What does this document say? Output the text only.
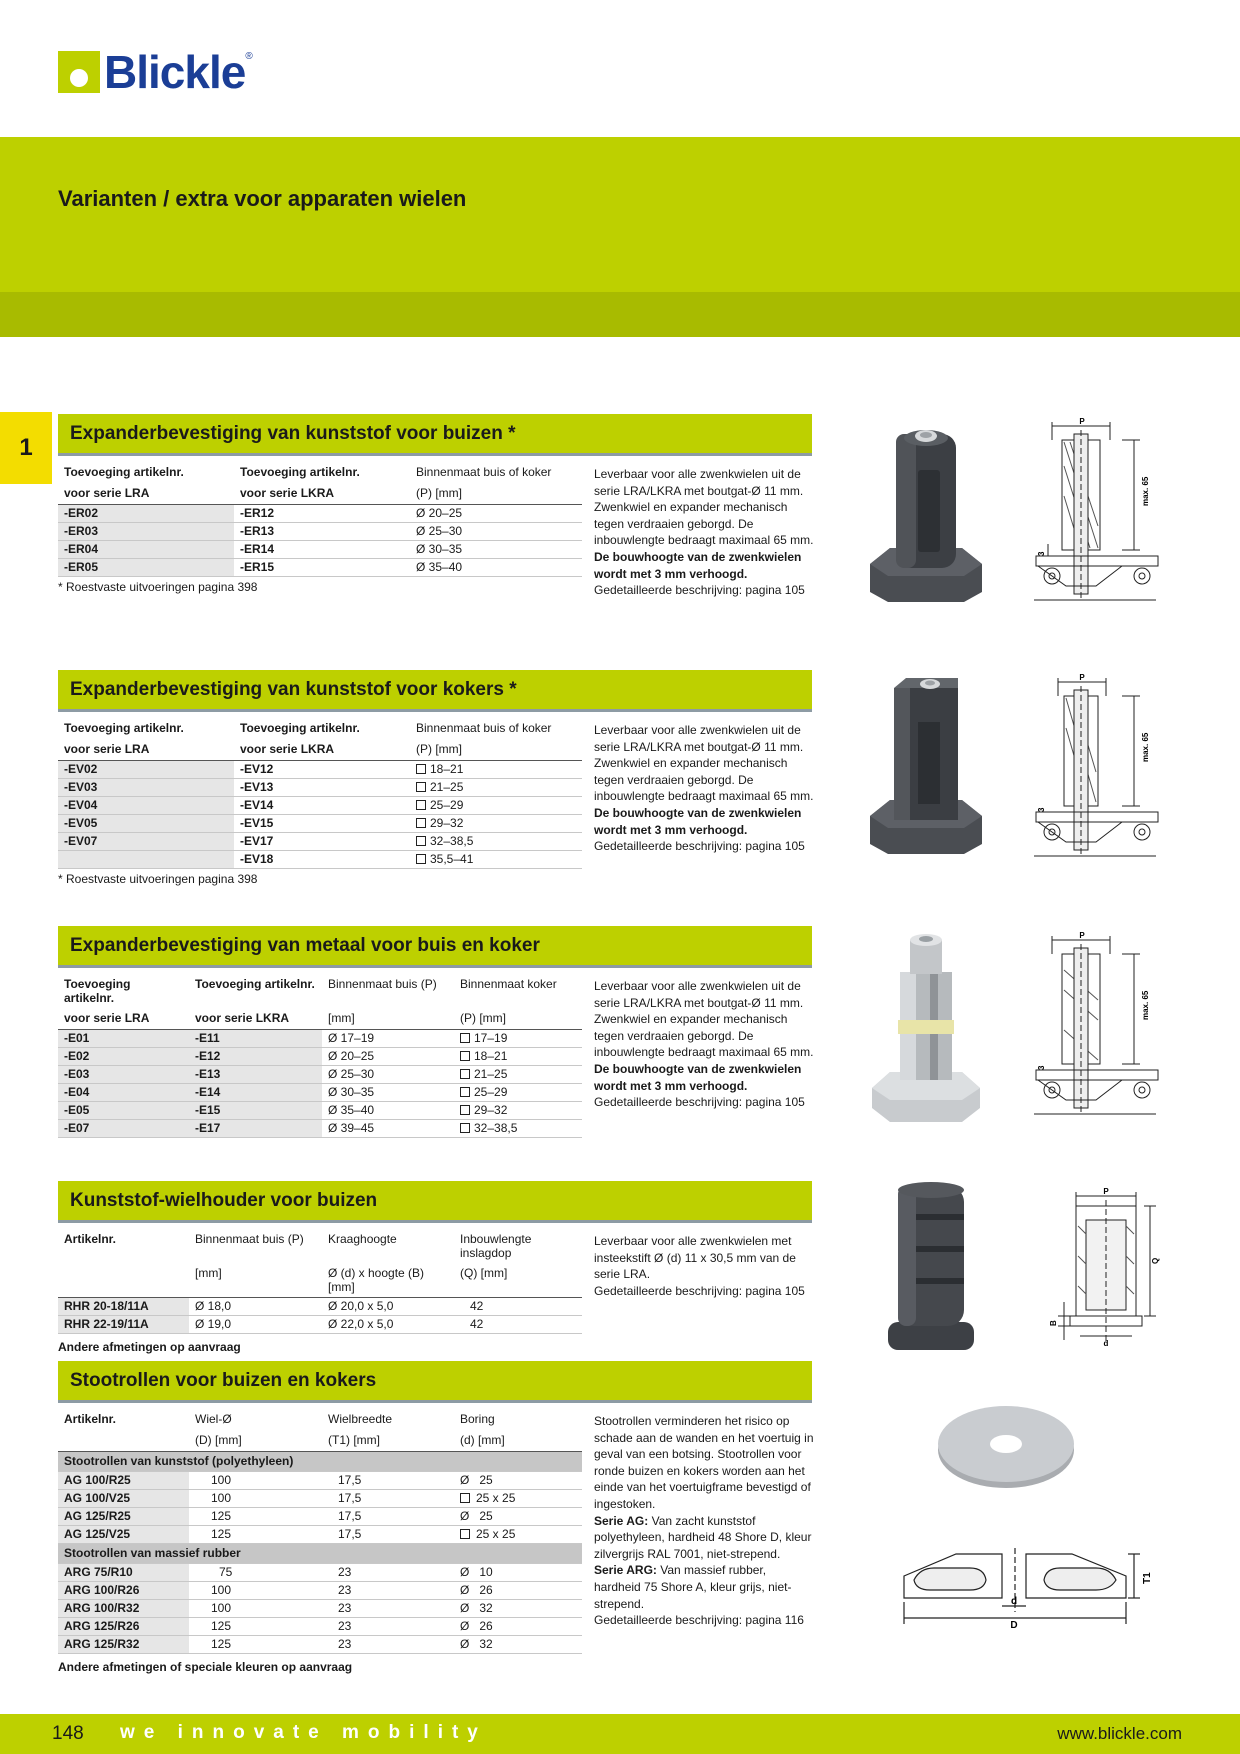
Blickle ®
Varianten / extra voor apparaten wielen
1
Expanderbevestiging van kunststof voor buizen *
Toevoeging artikelnr.	Toevoeging artikelnr.	Binnenmaat buis of koker
voor serie LRA	voor serie LKRA	(P) [mm]
-ER02	-ER12	Ø 20–25
-ER03	-ER13	Ø 25–30
-ER04	-ER14	Ø 30–35
-ER05	-ER15	Ø 35–40
* Roestvaste uitvoeringen pagina 398
Leverbaar voor alle zwenkwielen uit de serie LRA/LKRA met boutgat-Ø 11 mm. Zwenkwiel en expander mechanisch tegen verdraaien geborgd. De inbouwlengte bedraagt maximaal 65 mm.
De bouwhoogte van de zwenkwielen wordt met 3 mm verhoogd.
Gedetailleerde beschrijving: pagina 105
Expanderbevestiging van kunststof voor kokers *
Toevoeging artikelnr.	Toevoeging artikelnr.	Binnenmaat buis of koker
voor serie LRA	voor serie LKRA	(P) [mm]
-EV02	-EV12	18–21
-EV03	-EV13	21–25
-EV04	-EV14	25–29
-EV05	-EV15	29–32
-EV07	-EV17	32–38,5
	-EV18	35,5–41
* Roestvaste uitvoeringen pagina 398
Leverbaar voor alle zwenkwielen uit de serie LRA/LKRA met boutgat-Ø 11 mm. Zwenkwiel en expander mechanisch tegen verdraaien geborgd. De inbouwlengte bedraagt maximaal 65 mm.
De bouwhoogte van de zwenkwielen wordt met 3 mm verhoogd.
Gedetailleerde beschrijving: pagina 105
Expanderbevestiging van metaal voor buis en koker
Toevoeging artikelnr.	Toevoeging artikelnr.	Binnenmaat buis (P)	Binnenmaat koker
voor serie LRA	voor serie LKRA	[mm]	(P) [mm]
-E01	-E11	Ø 17–19	17–19
-E02	-E12	Ø 20–25	18–21
-E03	-E13	Ø 25–30	21–25
-E04	-E14	Ø 30–35	25–29
-E05	-E15	Ø 35–40	29–32
-E07	-E17	Ø 39–45	32–38,5
Leverbaar voor alle zwenkwielen uit de serie LRA/LKRA met boutgat-Ø 11 mm. Zwenkwiel en expander mechanisch tegen verdraaien geborgd. De inbouwlengte bedraagt maximaal 65 mm.
De bouwhoogte van de zwenkwielen wordt met 3 mm verhoogd.
Gedetailleerde beschrijving: pagina 105
Kunststof-wielhouder voor buizen
Artikelnr.	Binnenmaat buis (P)	Kraaghoogte	Inbouwlengte inslagdop
	[mm]	Ø (d) x hoogte (B) [mm]	(Q) [mm]
RHR 20-18/11A	Ø 18,0	Ø 20,0 x 5,0	42
RHR 22-19/11A	Ø 19,0	Ø 22,0 x 5,0	42
Andere afmetingen op aanvraag
Leverbaar voor alle zwenkwielen met insteekstift Ø (d) 11 x 30,5 mm van de serie LRA.
Gedetailleerde beschrijving: pagina 105
Stootrollen voor buizen en kokers
Artikelnr.	Wiel-Ø	Wielbreedte	Boring
	(D) [mm]	(T1) [mm]	(d) [mm]
Stootrollen van kunststof (polyethyleen)			
AG 100/R25	100	17,5	Ø 25
AG 100/V25	100	17,5	25 x 25
AG 125/R25	125	17,5	Ø 25
AG 125/V25	125	17,5	25 x 25
Stootrollen van massief rubber			
ARG 75/R10	75	23	Ø 10
ARG 100/R26	100	23	Ø 26
ARG 100/R32	100	23	Ø 32
ARG 125/R26	125	23	Ø 26
ARG 125/R32	125	23	Ø 32
Andere afmetingen of speciale kleuren op aanvraag
Stootrollen verminderen het risico op schade aan de wanden en het voertuig in geval van een botsing. Stootrollen voor ronde buizen en kokers worden aan het einde van het voertuigframe bevestigd of ingestoken.
Serie AG: Van zacht kunststof polyethyleen, hardheid 48 Shore D, kleur zilvergrijs RAL 7001, niet-strepend.
Serie ARG: Van massief rubber, hardheid 75 Shore A, kleur grijs, niet-strepend.
Gedetailleerde beschrijving: pagina 116
P
max. 65
3
P
max. 65
3
P
max. 65
3
P
Q
B
d
d
D
T1
148 we innovate mobility	www.blickle.com
